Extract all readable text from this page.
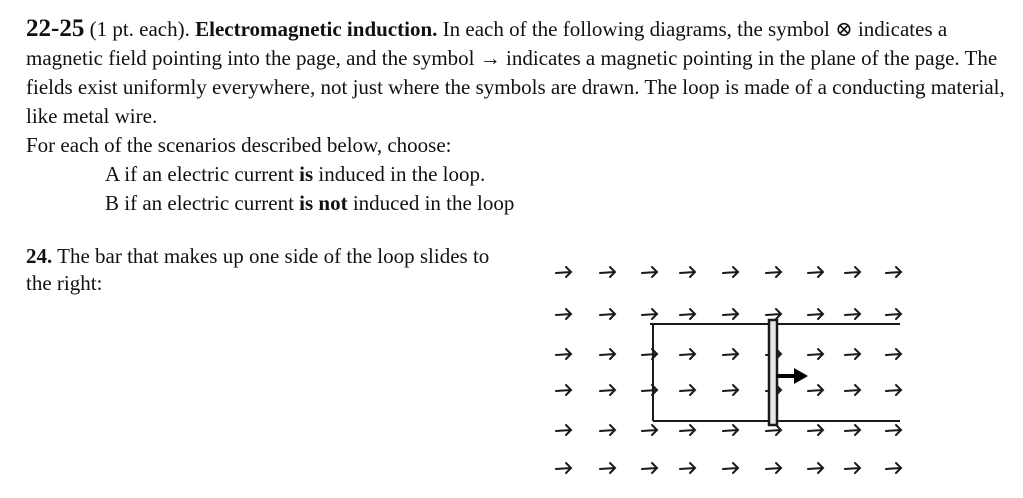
22-25 (1 pt. each). Electromagnetic induction. In each of the following diagrams, the symbol ⊗ indicates a magnetic field pointing into the page, and the symbol → indicates a magnetic pointing in the plane of the page. The fields exist uniformly everywhere, not just where the symbols are drawn. The loop is made of a conducting material, like metal wire.

For each of the scenarios described below, choose:

A if an electric current is induced in the loop.

B if an electric current is not induced in the loop

24. The bar that makes up one side of the loop slides to the right:
